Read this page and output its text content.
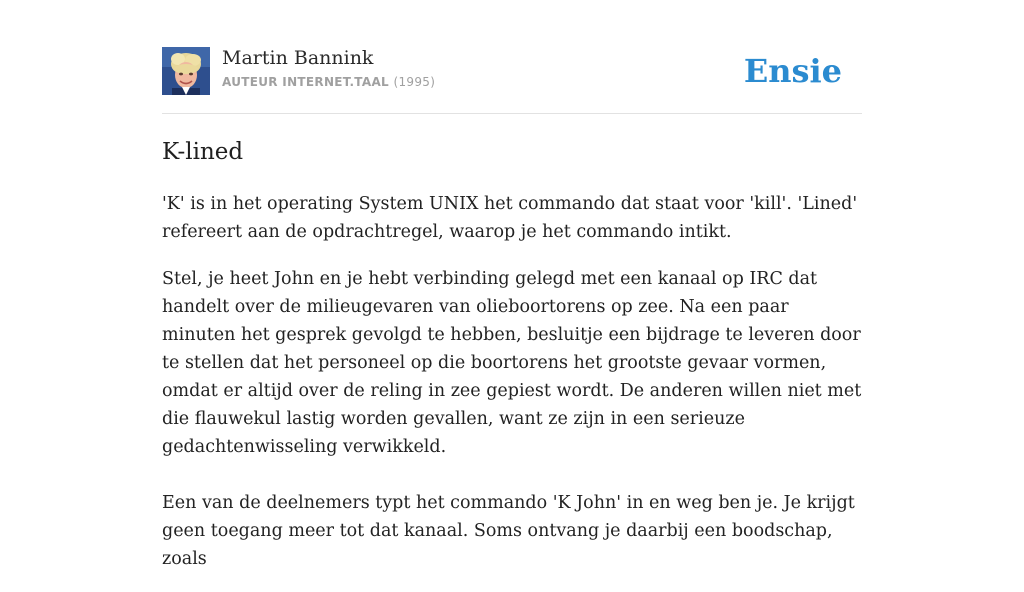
Martin Bannink
AUTEUR INTERNET.TAAL (1995)	Ensie
K-lined

'K' is in het operating System UNIX het commando dat staat voor 'kill'. 'Lined' refereert aan de opdrachtregel, waarop je het commando intikt.

Stel, je heet John en je hebt verbinding gelegd met een kanaal op IRC dat handelt over de milieugevaren van olieboortorens op zee. Na een paar minuten het gesprek gevolgd te hebben, besluitje een bijdrage te leveren door te stellen dat het personeel op die boortorens het grootste gevaar vormen, omdat er altijd over de reling in zee gepiest wordt. De anderen willen niet met die flauwekul lastig worden gevallen, want ze zijn in een serieuze gedachtenwisseling verwikkeld.

Een van de deelnemers typt het commando 'K John' in en weg ben je. Je krijgt geen toegang meer tot dat kanaal. Soms ontvang je daarbij een boodschap, zoals
